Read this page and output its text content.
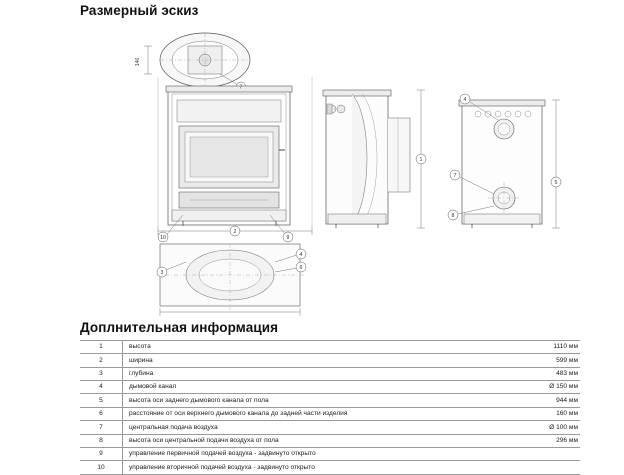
Размерный эскиз
7
10	9
2
3
4
6
1
4
5
7
8
146
Доплнительная информация
1	высота	1110 мм
2	ширина	599 мм
3	глубина	483 мм
4	дымовой канал	Ø 150 мм
5	высота оси заднего дымового канала от пола	944 мм
6	расстояние от оси верхнего дымового канала до задней части изделия	160 мм
7	центральная подача воздуха	Ø 100 мм
8	высота оси центральной подачи воздуха от пола	296 мм
9	управление первичной подачей воздуха - задвинуто открыто	
10	управление вторичной подачей воздуха - задвинуто открыто	
